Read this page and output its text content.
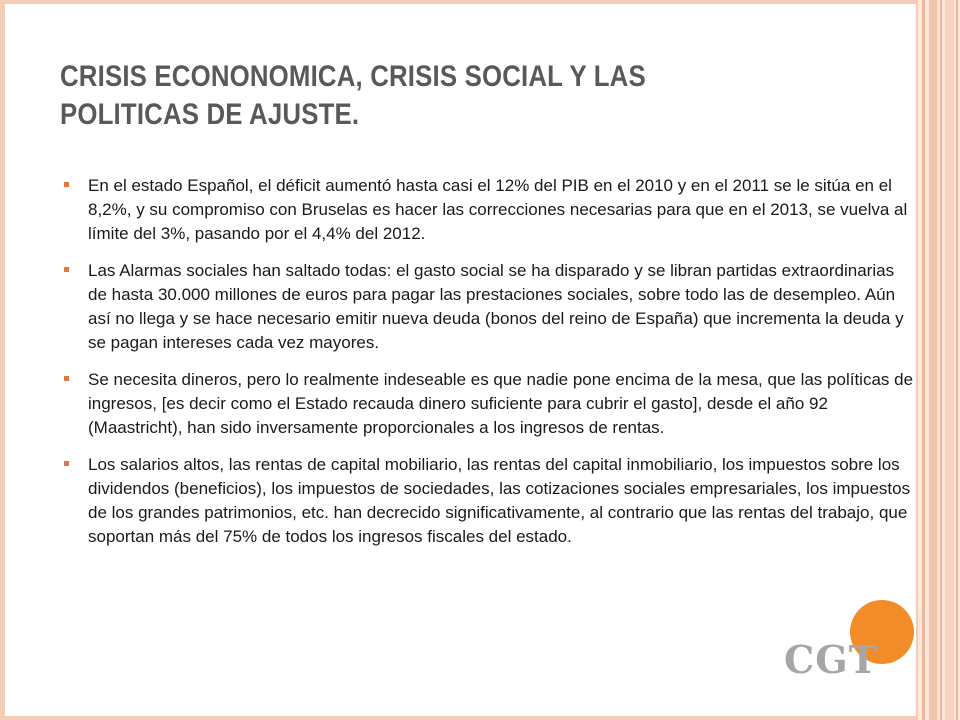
CRISIS ECONONOMICA, CRISIS SOCIAL Y LAS
POLITICAS DE AJUSTE.
En el estado Español, el déficit aumentó hasta casi el 12% del PIB en el 2010 y en el 2011 se le sitúa en el 8,2%, y su compromiso con Bruselas es hacer las correcciones necesarias para que en el 2013, se vuelva al límite del 3%, pasando por el 4,4% del 2012.
Las Alarmas sociales han saltado todas: el gasto social se ha disparado y se libran partidas extraordinarias de hasta 30.000 millones de euros para pagar las prestaciones sociales, sobre todo las de desempleo. Aún así no llega y se hace necesario emitir nueva deuda (bonos del reino de España) que incrementa la deuda y se pagan intereses cada vez mayores.
Se necesita dineros, pero lo realmente indeseable es que nadie pone encima de la mesa, que las políticas de ingresos, [es decir como el Estado recauda dinero suficiente para cubrir el gasto], desde el año 92 (Maastricht), han sido inversamente proporcionales a los ingresos de rentas.
Los salarios altos, las rentas de capital mobiliario, las rentas del capital inmobiliario, los impuestos sobre los dividendos (beneficios), los impuestos de sociedades, las cotizaciones sociales empresariales, los impuestos de los grandes patrimonios, etc. han decrecido significativamente, al contrario que las rentas del trabajo, que soportan más del 75% de todos los ingresos fiscales del estado.
CGT
